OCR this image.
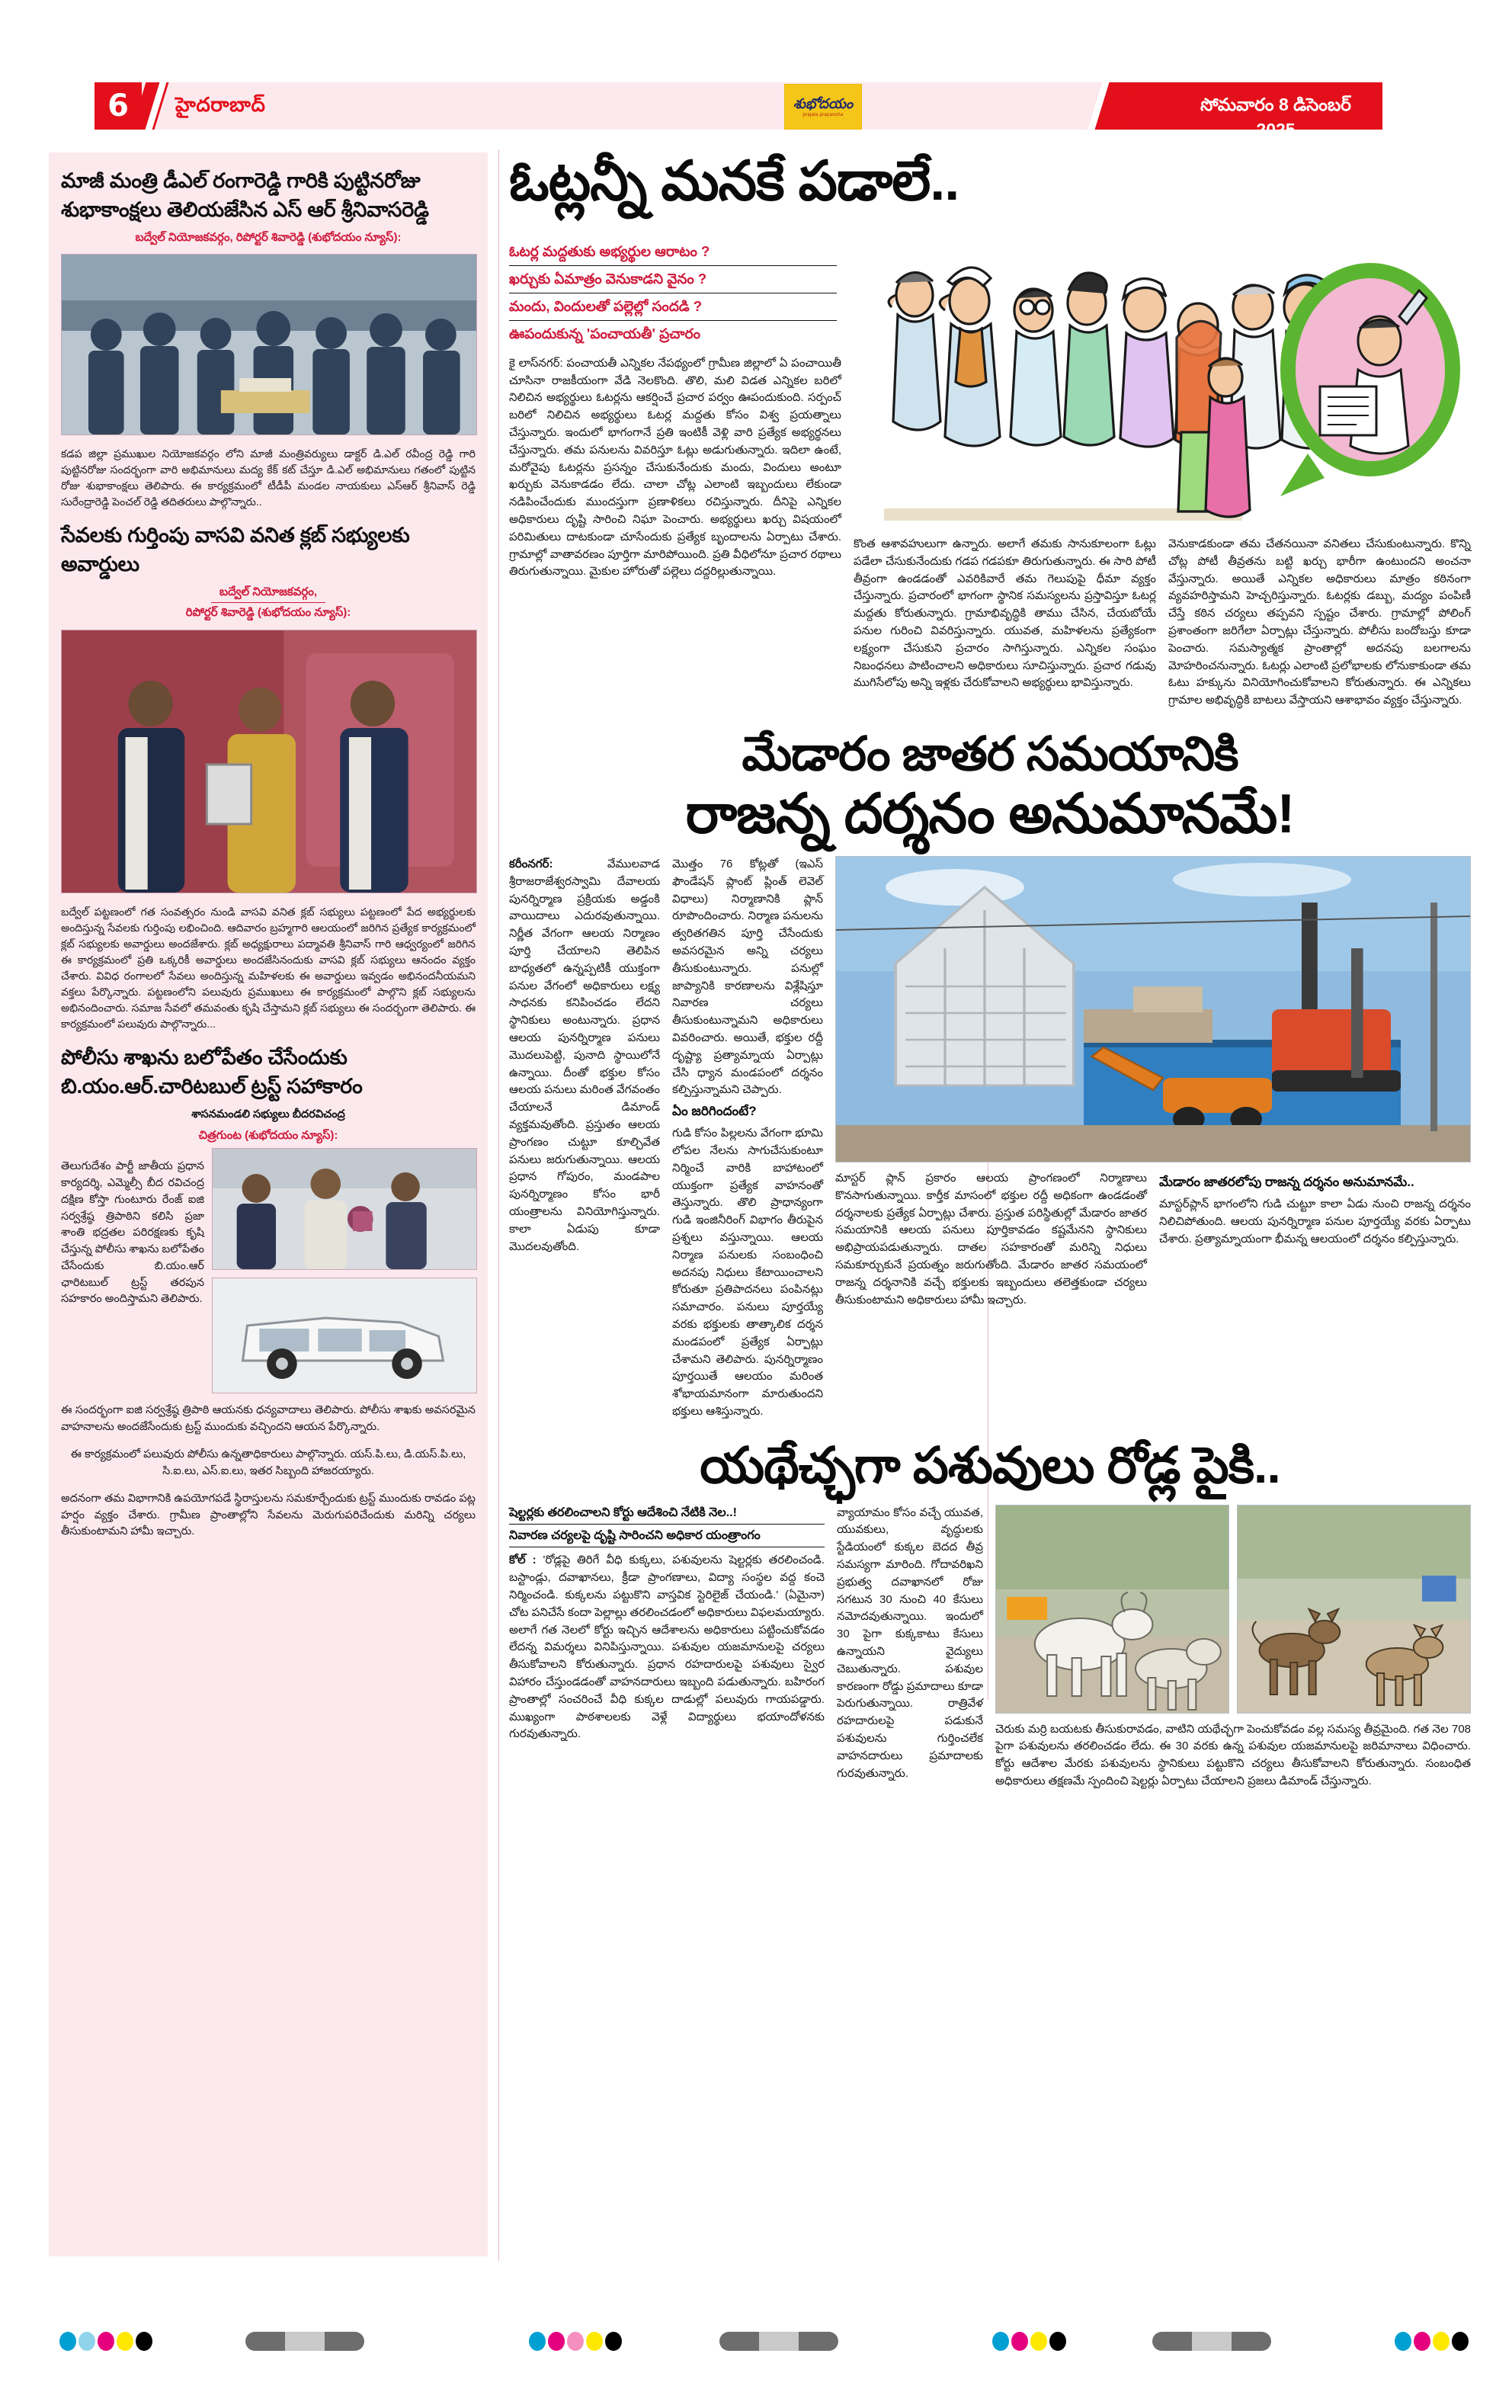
6 హైదరాబాద్	శుభోదయం
prajala prapancha
సోమవారం 8 డిసెంబర్ 2025
మాజీ మంత్రి డీఎల్ రంగారెడ్డి గారికి పుట్టినరోజు శుభాకాంక్షలు తెలియజేసిన ఎస్ ఆర్ శ్రీనివాసరెడ్డి
బద్వేల్ నియోజకవర్గం, రిపోర్టర్ శివారెడ్డి (శుభోదయం న్యూస్):

కడప జిల్లా ప్రముఖుల నియోజకవర్గం లోని మాజీ మంత్రివర్యులు డాక్టర్ డి.ఎల్ రవీంద్ర రెడ్డి గారి పుట్టినరోజు సందర్భంగా వారి అభిమానులు మద్య కేక్ కట్ చేస్తూ డి.ఎల్ అభిమానులు గతంలో పుట్టిన రోజు శుభాకాంక్షలు తెలిపారు. ఈ కార్యక్రమంలో టీడీపీ మండల నాయకులు ఎస్ఆర్ శ్రీనివాస్ రెడ్డి సురేంద్రారెడ్డి పెంచల్ రెడ్డి తదితరులు పాల్గొన్నారు..

సేవలకు గుర్తింపు వాసవి వనిత క్లబ్ సభ్యులకు అవార్డులు
బద్వేల్ నియోజకవర్గం,
రిపోర్టర్ శివారెడ్డి (శుభోదయం న్యూస్):

బద్వేల్ పట్టణంలో గత సంవత్సరం నుండి వాసవి వనిత క్లబ్ సభ్యులు పట్టణంలో పేద అభ్యర్థులకు అందిస్తున్న సేవలకు గుర్తింపు లభించింది. ఆదివారం బ్రహ్మగారి ఆలయంలో జరిగిన ప్రత్యేక కార్యక్రమంలో క్లబ్ సభ్యులకు అవార్డులు అందజేశారు. క్లబ్ అధ్యక్షురాలు పద్మావతి శ్రీనివాస్ గారి ఆధ్వర్యంలో జరిగిన ఈ కార్యక్రమంలో ప్రతి ఒక్కరికీ అవార్డులు అందజేసినందుకు వాసవి క్లబ్ సభ్యులు ఆనందం వ్యక్తం చేశారు. వివిధ రంగాలలో సేవలు అందిస్తున్న మహిళలకు ఈ అవార్డులు ఇవ్వడం అభినందనీయమని వక్తలు పేర్కొన్నారు. పట్టణంలోని పలువురు ప్రముఖులు ఈ కార్యక్రమంలో పాల్గొని క్లబ్ సభ్యులను అభినందించారు. సమాజ సేవలో తమవంతు కృషి చేస్తామని క్లబ్ సభ్యులు ఈ సందర్భంగా తెలిపారు. ఈ కార్యక్రమంలో పలువురు పాల్గొన్నారు...

పోలీసు శాఖను బలోపేతం చేసేందుకు బి.యం.ఆర్.చారిటబుల్ ట్రస్ట్ సహాకారం
శాసనమండలి సభ్యులు బీదరవిచంద్ర
చిత్రగుంట (శుభోదయం న్యూస్):

తెలుగుదేశం పార్టీ జాతీయ ప్రధాన కార్యదర్శి, ఎమ్మెల్సీ బీద రవిచంద్ర దక్షిణ కోస్తా గుంటూరు రేంజ్ ఐజి సర్వశ్రేష్ఠ త్రిపాఠిని కలిసి ప్రజా శాంతి భద్రతల పరిరక్షణకు కృషి చేస్తున్న పోలీసు శాఖను బలోపేతం చేసేందుకు బి.యం.ఆర్ ఛారిటబుల్ ట్రస్ట్ తరపున సహకారం అందిస్తామని తెలిపారు.

ఈ సందర్భంగా ఐజి సర్వశ్రేష్ఠ త్రిపాఠి ఆయనకు ధన్యవాదాలు తెలిపారు. పోలీసు శాఖకు అవసరమైన వాహనాలను అందజేసేందుకు ట్రస్ట్ ముందుకు వచ్చిందని ఆయన పేర్కొన్నారు.

ఈ కార్యక్రమంలో పలువురు పోలీసు ఉన్నతాధికారులు పాల్గొన్నారు. యస్.పి.లు, డి.యస్.పి.లు, సి.ఐ.లు, ఎస్.ఐ.లు, ఇతర సిబ్బంది హాజరయ్యారు.

అదనంగా తమ విభాగానికి ఉపయోగపడే స్థిరాస్తులను సమకూర్చేందుకు ట్రస్ట్ ముందుకు రావడం పట్ల హర్షం వ్యక్తం చేశారు. గ్రామీణ ప్రాంతాల్లోని సేవలను మెరుగుపరిచేందుకు మరిన్ని చర్యలు తీసుకుంటామని హామీ ఇచ్చారు.

ఓట్లన్నీ మనకే పడాలే..
ఓటర్ల మద్దతుకు అభ్యర్థుల ఆరాటం ?
ఖర్చుకు ఏమాత్రం వెనుకాడని వైనం ?
మందు, విందులతో పల్లెల్లో సందడి ?
ఊపందుకున్న 'పంచాయతీ' ప్రచారం
కై లాస్‌నగర్: పంచాయతీ ఎన్నికల నేపథ్యంలో గ్రామీణ జిల్లాలో ఏ పంచాయితీ చూసినా రాజకీయంగా వేడి నెలకొంది. తొలి, మలి విడత ఎన్నికల బరిలో నిలిచిన అభ్యర్థులు ఓటర్లను ఆకర్షించే ప్రచార పర్వం ఊపందుకుంది. సర్పంచ్ బరిలో నిలిచిన అభ్యర్థులు ఓటర్ల మద్దతు కోసం విశ్వ ప్రయత్నాలు చేస్తున్నారు. ఇందులో భాగంగానే ప్రతి ఇంటికీ వెళ్లి వారి ప్రత్యేక అభ్యర్థనలు చేస్తున్నారు. తమ పనులను వివరిస్తూ ఓట్లు అడుగుతున్నారు. ఇదిలా ఉంటే, మరోవైపు ఓటర్లను ప్రసన్నం చేసుకునేందుకు మందు, విందులు అంటూ ఖర్చుకు వెనుకాడడం లేదు. చాలా చోట్ల ఎలాంటి ఇబ్బందులు లేకుండా నడిపించేందుకు ముందస్తుగా ప్రణాళికలు రచిస్తున్నారు. దీనిపై ఎన్నికల అధికారులు దృష్టి సారించి నిఘా పెంచారు. అభ్యర్థులు ఖర్చు విషయంలో పరిమితులు దాటకుండా చూసేందుకు ప్రత్యేక బృందాలను ఏర్పాటు చేశారు. గ్రామాల్లో వాతావరణం పూర్తిగా మారిపోయింది. ప్రతి వీధిలోనూ ప్రచార రథాలు తిరుగుతున్నాయి. మైకుల హోరుతో పల్లెలు దద్దరిల్లుతున్నాయి.
కొంత ఆశావహులుగా ఉన్నారు. అలాగే తమకు సానుకూలంగా ఓట్లు పడేలా చేసుకునేందుకు గడప గడపకూ తిరుగుతున్నారు. ఈ సారి పోటీ తీవ్రంగా ఉండడంతో ఎవరికివారే తమ గెలుపుపై ధీమా వ్యక్తం చేస్తున్నారు. ప్రచారంలో భాగంగా స్థానిక సమస్యలను ప్రస్తావిస్తూ ఓటర్ల మద్దతు కోరుతున్నారు. గ్రామాభివృద్ధికి తాము చేసిన, చేయబోయే పనుల గురించి వివరిస్తున్నారు. యువత, మహిళలను ప్రత్యేకంగా లక్ష్యంగా చేసుకుని ప్రచారం సాగిస్తున్నారు. ఎన్నికల సంఘం నిబంధనలు పాటించాలని అధికారులు సూచిస్తున్నారు. ప్రచార గడువు ముగిసేలోపు అన్ని ఇళ్లకు చేరుకోవాలని అభ్యర్థులు భావిస్తున్నారు.
వెనుకాడకుండా తమ చేతనయినా వనితలు చేసుకుంటున్నారు. కొన్ని చోట్ల పోటీ తీవ్రతను బట్టి ఖర్చు భారీగా ఉంటుందని అంచనా వేస్తున్నారు. అయితే ఎన్నికల అధికారులు మాత్రం కఠినంగా వ్యవహరిస్తామని హెచ్చరిస్తున్నారు. ఓటర్లకు డబ్బు, మద్యం పంపిణీ చేస్తే కఠిన చర్యలు తప్పవని స్పష్టం చేశారు. గ్రామాల్లో పోలింగ్ ప్రశాంతంగా జరిగేలా ఏర్పాట్లు చేస్తున్నారు. పోలీసు బందోబస్తు కూడా పెంచారు. సమస్యాత్మక ప్రాంతాల్లో అదనపు బలగాలను మోహరించనున్నారు. ఓటర్లు ఎలాంటి ప్రలోభాలకు లోనుకాకుండా తమ ఓటు హక్కును వినియోగించుకోవాలని కోరుతున్నారు. ఈ ఎన్నికలు గ్రామాల అభివృద్ధికి బాటలు వేస్తాయని ఆశాభావం వ్యక్తం చేస్తున్నారు.
మేడారం జాతర సమయానికి
రాజన్న దర్శనం అనుమానమే!
కరీంనగర్:	వేములవాడ శ్రీరాజరాజేశ్వరస్వామి దేవాలయ పునర్నిర్మాణ ప్రక్రియకు అడ్డంకి వాయిదాలు ఎదురవుతున్నాయి. నిర్ణీత వేగంగా ఆలయ నిర్మాణం పూర్తి చేయాలని తెలిపిన బాధ్యతలో ఉన్నప్పటికీ యుక్తంగా పనుల వేగంలో అధికారులు లక్ష్య సాధనకు కనిపించడం లేదని స్థానికులు అంటున్నారు. ప్రధాన ఆలయ పునర్నిర్మాణ పనులు మొదలుపెట్టి, పునాది స్థాయిలోనే ఉన్నాయి. దీంతో భక్తుల కోసం ఆలయ పనులు మరింత వేగవంతం చేయాలనే డిమాండ్ వ్యక్తమవుతోంది. ప్రస్తుతం ఆలయ ప్రాంగణం చుట్టూ కూల్చివేత పనులు జరుగుతున్నాయి. ఆలయ ప్రధాన గోపురం, మండపాల పునర్నిర్మాణం కోసం భారీ యంత్రాలను వినియోగిస్తున్నారు. కాలా ఏడుపు కూడా మొదలవుతోంది.
మొత్తం 76 కోట్లతో (ఇఎస్ ఫౌండేషన్ ప్లాంట్ ప్లింత్ లెవెల్ విధాలు) నిర్మాణానికి ప్లాన్ రూపొందించారు. నిర్మాణ పనులను త్వరితగతిన పూర్తి చేసేందుకు అవసరమైన అన్ని చర్యలు తీసుకుంటున్నారు. పనుల్లో జాప్యానికి కారణాలను విశ్లేషిస్తూ నివారణ చర్యలు తీసుకుంటున్నామని అధికారులు వివరించారు. అయితే, భక్తుల రద్దీ దృష్ట్యా ప్రత్యామ్నాయ ఏర్పాట్లు చేసి ధ్యాన మండపంలో దర్శనం కల్పిస్తున్నామని చెప్పారు.
ఏం జరిగిందంటే?
గుడి కోసం పిల్లలను వేగంగా భూమి లోపల నేలను సాగుచేసుకుంటూ నిర్మించే వారికి బాహాటంలో యుక్తంగా ప్రత్యేక వాహనంతో తెస్తున్నారు. తొలి ప్రాధాన్యంగా గుడి ఇంజినీరింగ్ విభాగం తీరుపైన ప్రశ్నలు వస్తున్నాయి. ఆలయ నిర్మాణ పనులకు సంబంధించి అదనపు నిధులు కేటాయించాలని కోరుతూ ప్రతిపాదనలు పంపినట్లు సమాచారం. పనులు పూర్తయ్యే వరకు భక్తులకు తాత్కాలిక దర్శన మండపంలో ప్రత్యేక ఏర్పాట్లు చేశామని తెలిపారు. పునర్నిర్మాణం పూర్తయితే ఆలయం మరింత శోభాయమానంగా మారుతుందని భక్తులు ఆశిస్తున్నారు.
మాస్టర్ ప్లాన్ ప్రకారం ఆలయ ప్రాంగణంలో నిర్మాణాలు కొనసాగుతున్నాయి. కార్తీక మాసంలో భక్తుల రద్దీ అధికంగా ఉండడంతో దర్శనాలకు ప్రత్యేక ఏర్పాట్లు చేశారు. ప్రస్తుత పరిస్థితుల్లో మేడారం జాతర సమయానికి ఆలయ పనులు పూర్తికావడం కష్టమేనని స్థానికులు అభిప్రాయపడుతున్నారు. దాతల సహకారంతో మరిన్ని నిధులు సమకూర్చుకునే ప్రయత్నం జరుగుతోంది. మేడారం జాతర సమయంలో రాజన్న దర్శనానికి వచ్చే భక్తులకు ఇబ్బందులు తలెత్తకుండా చర్యలు తీసుకుంటామని అధికారులు హామీ ఇచ్చారు.
మేడారం జాతరలోపు రాజన్న దర్శనం అనుమానమే..
మాస్టర్‌ప్లాన్ భాగంలోని గుడి చుట్టూ కాలా ఏడు నుంచి రాజన్న దర్శనం నిలిచిపోతుంది. ఆలయ పునర్నిర్మాణ పనుల పూర్తయ్యే వరకు ఏర్పాటు చేశారు. ప్రత్యామ్నాయంగా భీమన్న ఆలయంలో దర్శనం కల్పిస్తున్నారు.
యథేచ్ఛగా పశువులు రోడ్ల పైకి..
షెల్టర్లకు తరలించాలని కోర్టు ఆదేశించి నేటికి నెల..!
నివారణ చర్యలపై దృష్టి సారించని అధికార యంత్రాంగం
కోల్ : 'రోడ్లపై తిరిగే వీధి కుక్కలు, పశువులను షెల్టర్లకు తరలించండి. బస్టాండ్లు, దవాఖానలు, క్రీడా ప్రాంగణాలు, విద్యా సంస్థల వద్ద కంచె నిర్మించండి. కుక్కలను పట్టుకొని వాస్తవిక స్టెరిలైజ్ చేయండి.' (ఏమైనా) చోట పనిచేసే కందా పెల్లాల్లు తరలించడంలో అధికారులు విఫలమయ్యారు. అలాగే గత నెలలో కోర్టు ఇచ్చిన ఆదేశాలను అధికారులు పట్టించుకోవడం లేదన్న విమర్శలు వినిపిస్తున్నాయి. పశువుల యజమానులపై చర్యలు తీసుకోవాలని కోరుతున్నారు. ప్రధాన రహదారులపై పశువులు స్వైర విహారం చేస్తుండడంతో వాహనదారులు ఇబ్బంది పడుతున్నారు. బహిరంగ ప్రాంతాల్లో సంచరించే వీధి కుక్కల దాడుల్లో పలువురు గాయపడ్డారు. ముఖ్యంగా పాఠశాలలకు వెళ్లే విద్యార్థులు భయాందోళనకు గురవుతున్నారు.
వ్యాయామం కోసం వచ్చే యువత, యువకులు, వృద్ధులకు స్టేడియంలో కుక్కల బెదద తీవ్ర సమస్యగా మారింది. గోదావరిఖని ప్రభుత్వ దవాఖానలో రోజు సగటున 30 నుంచి 40 కేసులు నమోదవుతున్నాయి. ఇందులో 30 పైగా కుక్కకాటు కేసులు ఉన్నాయని వైద్యులు చెబుతున్నారు. పశువుల కారణంగా రోడ్డు ప్రమాదాలు కూడా పెరుగుతున్నాయి. రాత్రివేళ రహదారులపై పడుకునే పశువులను గుర్తించలేక వాహనదారులు ప్రమాదాలకు గురవుతున్నారు.
చెరుకు మర్రి బయటకు తీసుకురావడం, వాటిని యథేచ్ఛగా పెంచుకోవడం వల్ల సమస్య తీవ్రమైంది. గత నెల 708 పైగా పశువులను తరలించడం లేదు. ఈ 30 వరకు ఉన్న పశువుల యజమానులపై జరిమానాలు విధించారు. కోర్టు ఆదేశాల మేరకు పశువులను స్థానికులు పట్టుకొని చర్యలు తీసుకోవాలని కోరుతున్నారు. సంబంధిత అధికారులు తక్షణమే స్పందించి షెల్టర్లు ఏర్పాటు చేయాలని ప్రజలు డిమాండ్ చేస్తున్నారు.
